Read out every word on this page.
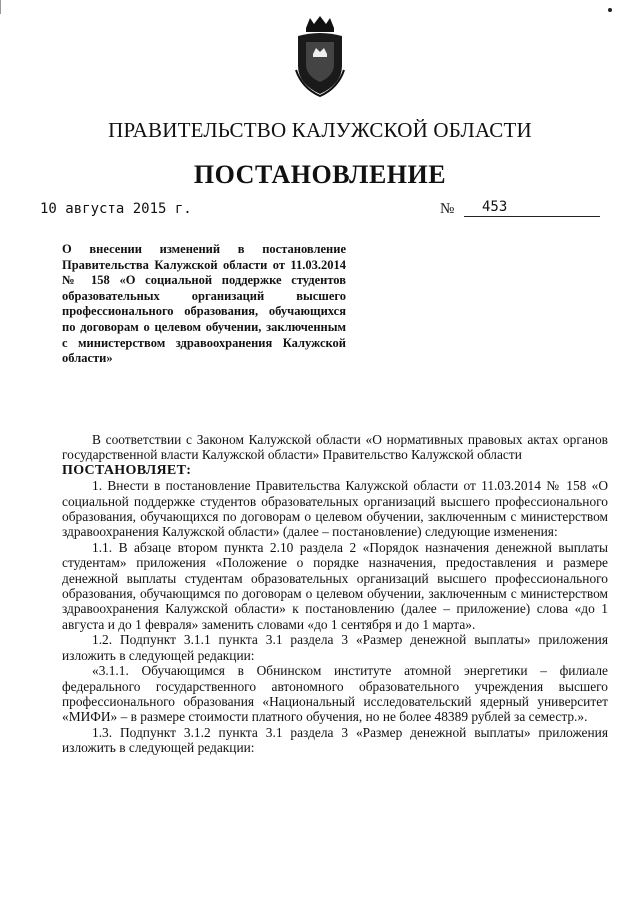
ПРАВИТЕЛЬСТВО КАЛУЖСКОЙ ОБЛАСТИ
ПОСТАНОВЛЕНИЕ
10 августа 2015 г.	№ 453
О внесении изменений в постановление Правительства Калужской области от 11.03.2014 № 158 «О социальной поддержке студентов образовательных организаций высшего профессионального образования, обучающихся по договорам о целевом обучении, заключенным с министерством здравоохранения Калужской области»

В соответствии с Законом Калужской области «О нормативных правовых актах органов государственной власти Калужской области» Правительство Калужской области

ПОСТАНОВЛЯЕТ:

1. Внести в постановление Правительства Калужской области от 11.03.2014 № 158 «О социальной поддержке студентов образовательных организаций высшего профессионального образования, обучающихся по договорам о целевом обучении, заключенным с министерством здравоохранения Калужской области» (далее – постановление) следующие изменения:

1.1. В абзаце втором пункта 2.10 раздела 2 «Порядок назначения денежной выплаты студентам» приложения «Положение о порядке назначения, предоставления и размере денежной выплаты студентам образовательных организаций высшего профессионального образования, обучающимся по договорам о целевом обучении, заключенным с министерством здравоохранения Калужской области» к постановлению (далее – приложение) слова «до 1 августа и до 1 февраля» заменить словами «до 1 сентября и до 1 марта».

1.2. Подпункт 3.1.1 пункта 3.1 раздела 3 «Размер денежной выплаты» приложения изложить в следующей редакции:

«3.1.1. Обучающимся в Обнинском институте атомной энергетики – филиале федерального государственного автономного образовательного учреждения высшего профессионального образования «Национальный исследовательский ядерный университет «МИФИ» – в размере стоимости платного обучения, но не более 48389 рублей за семестр.».

1.3. Подпункт 3.1.2 пункта 3.1 раздела 3 «Размер денежной выплаты» приложения изложить в следующей редакции:
